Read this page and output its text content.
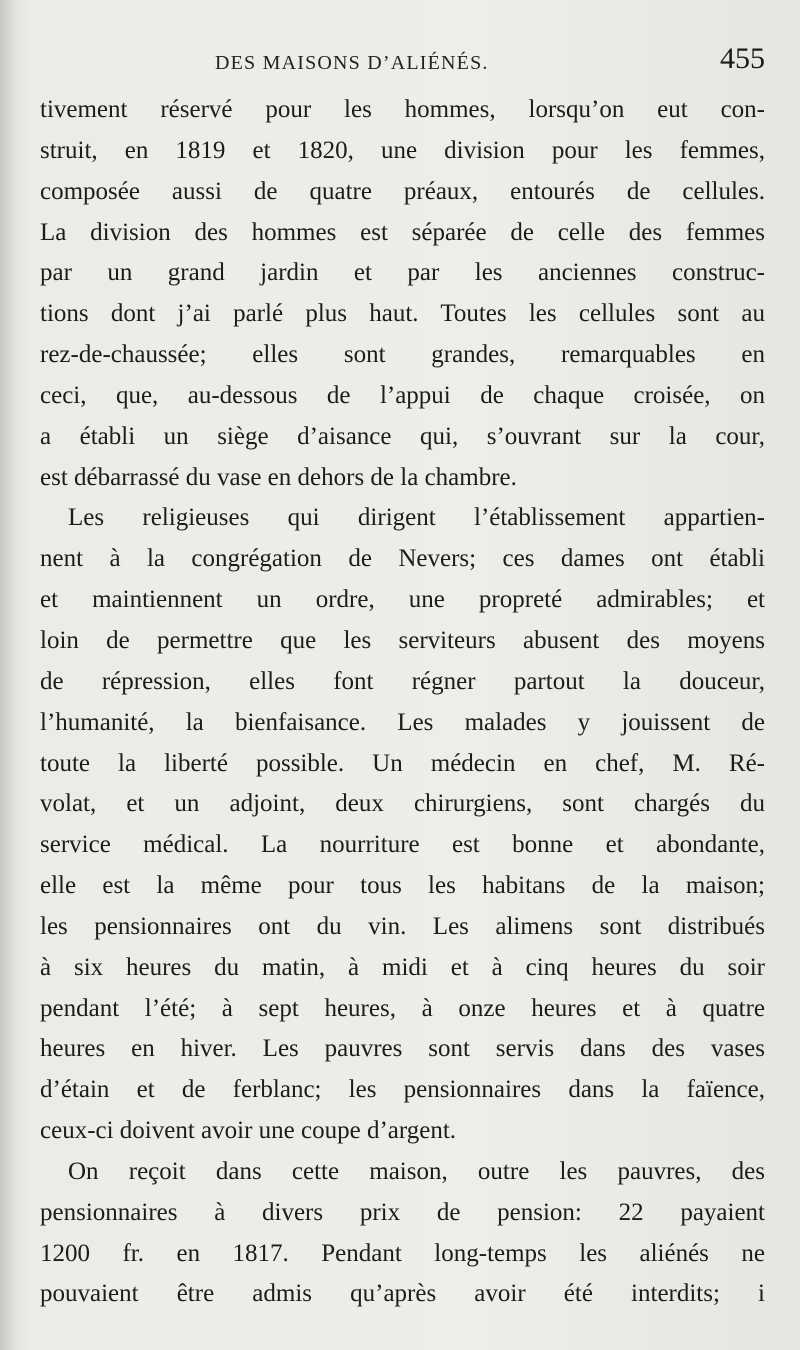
DES MAISONS D’ALIÉNÉS.	455
tivement réservé pour les hommes, lorsqu’on eut con-
struit, en 1819 et 1820, une division pour les femmes,
composée aussi de quatre préaux, entourés de cellules.
La division des hommes est séparée de celle des femmes
par un grand jardin et par les anciennes construc-
tions dont j’ai parlé plus haut. Toutes les cellules sont au
rez-de-chaussée; elles sont grandes, remarquables en
ceci, que, au-dessous de l’appui de chaque croisée, on
a établi un siège d’aisance qui, s’ouvrant sur la cour,
est débarrassé du vase en dehors de la chambre.
Les religieuses qui dirigent l’établissement appartien-
nent à la congrégation de Nevers; ces dames ont établi
et maintiennent un ordre, une propreté admirables; et
loin de permettre que les serviteurs abusent des moyens
de répression, elles font régner partout la douceur,
l’humanité, la bienfaisance. Les malades y jouissent de
toute la liberté possible. Un médecin en chef, M. Ré-
volat, et un adjoint, deux chirurgiens, sont chargés du
service médical. La nourriture est bonne et abondante,
elle est la même pour tous les habitans de la maison;
les pensionnaires ont du vin. Les alimens sont distribués
à six heures du matin, à midi et à cinq heures du soir
pendant l’été; à sept heures, à onze heures et à quatre
heures en hiver. Les pauvres sont servis dans des vases
d’étain et de ferblanc; les pensionnaires dans la faïence,
ceux-ci doivent avoir une coupe d’argent.
On reçoit dans cette maison, outre les pauvres, des
pensionnaires à divers prix de pension: 22 payaient
1200 fr. en 1817. Pendant long-temps les aliénés ne
pouvaient être admis qu’après avoir été interdits; i
